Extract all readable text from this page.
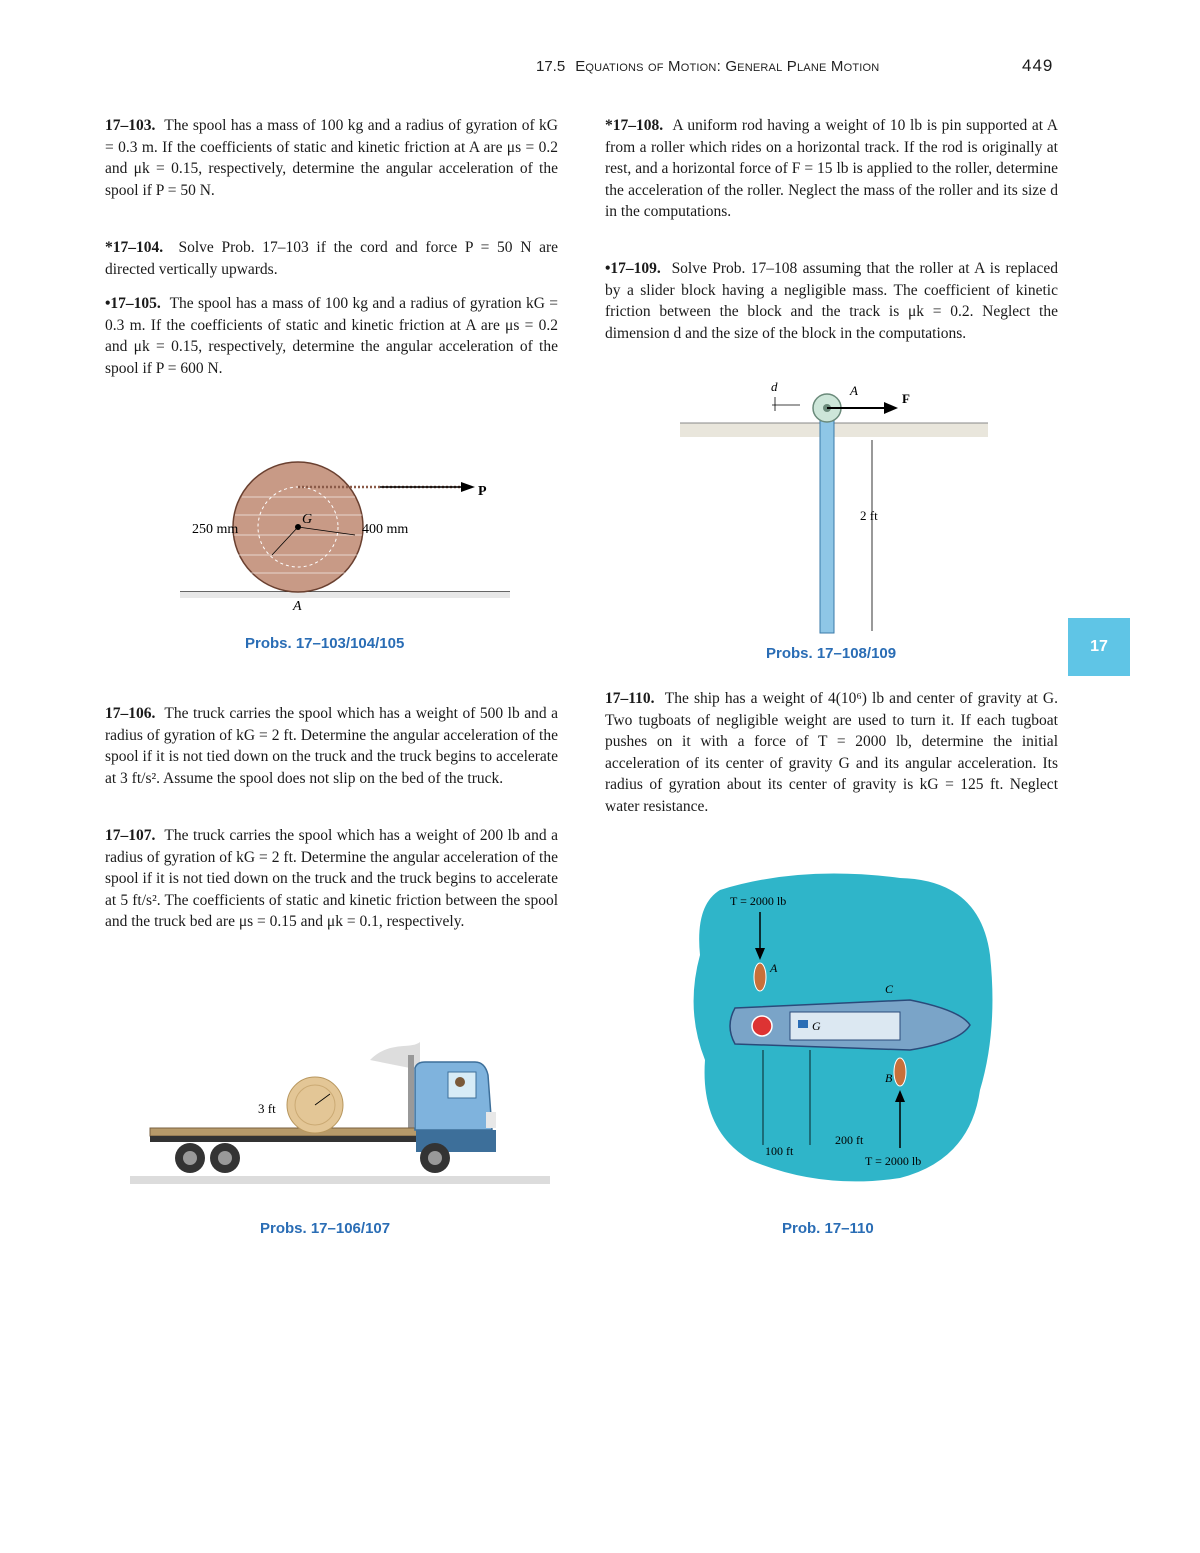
17.5 Equations of Motion: General Plane Motion	449
17
17–103. The spool has a mass of 100 kg and a radius of gyration of kG = 0.3 m. If the coefficients of static and kinetic friction at A are μs = 0.2 and μk = 0.15, respectively, determine the angular acceleration of the spool if P = 50 N.
*17–104. Solve Prob. 17–103 if the cord and force P = 50 N are directed vertically upwards.
•17–105. The spool has a mass of 100 kg and a radius of gyration kG = 0.3 m. If the coefficients of static and kinetic friction at A are μs = 0.2 and μk = 0.15, respectively, determine the angular acceleration of the spool if P = 600 N.
P
G
250 mm	400 mm
A
Probs. 17–103/104/105
17–106. The truck carries the spool which has a weight of 500 lb and a radius of gyration of kG = 2 ft. Determine the angular acceleration of the spool if it is not tied down on the truck and the truck begins to accelerate at 3 ft/s². Assume the spool does not slip on the bed of the truck.
17–107. The truck carries the spool which has a weight of 200 lb and a radius of gyration of kG = 2 ft. Determine the angular acceleration of the spool if it is not tied down on the truck and the truck begins to accelerate at 5 ft/s². The coefficients of static and kinetic friction between the spool and the truck bed are μs = 0.15 and μk = 0.1, respectively.
3 ft
Probs. 17–106/107
*17–108. A uniform rod having a weight of 10 lb is pin supported at A from a roller which rides on a horizontal track. If the rod is originally at rest, and a horizontal force of F = 15 lb is applied to the roller, determine the acceleration of the roller. Neglect the mass of the roller and its size d in the computations.
•17–109. Solve Prob. 17–108 assuming that the roller at A is replaced by a slider block having a negligible mass. The coefficient of kinetic friction between the block and the track is μk = 0.2. Neglect the dimension d and the size of the block in the computations.
d	A
F
2 ft
Probs. 17–108/109
17–110. The ship has a weight of 4(10⁶) lb and center of gravity at G. Two tugboats of negligible weight are used to turn it. If each tugboat pushes on it with a force of T = 2000 lb, determine the initial acceleration of its center of gravity G and its angular acceleration. Its radius of gyration about its center of gravity is kG = 125 ft. Neglect water resistance.
T = 2000 lb
A
G
C
B
T = 2000 lb
100 ft
200 ft
Prob. 17–110
